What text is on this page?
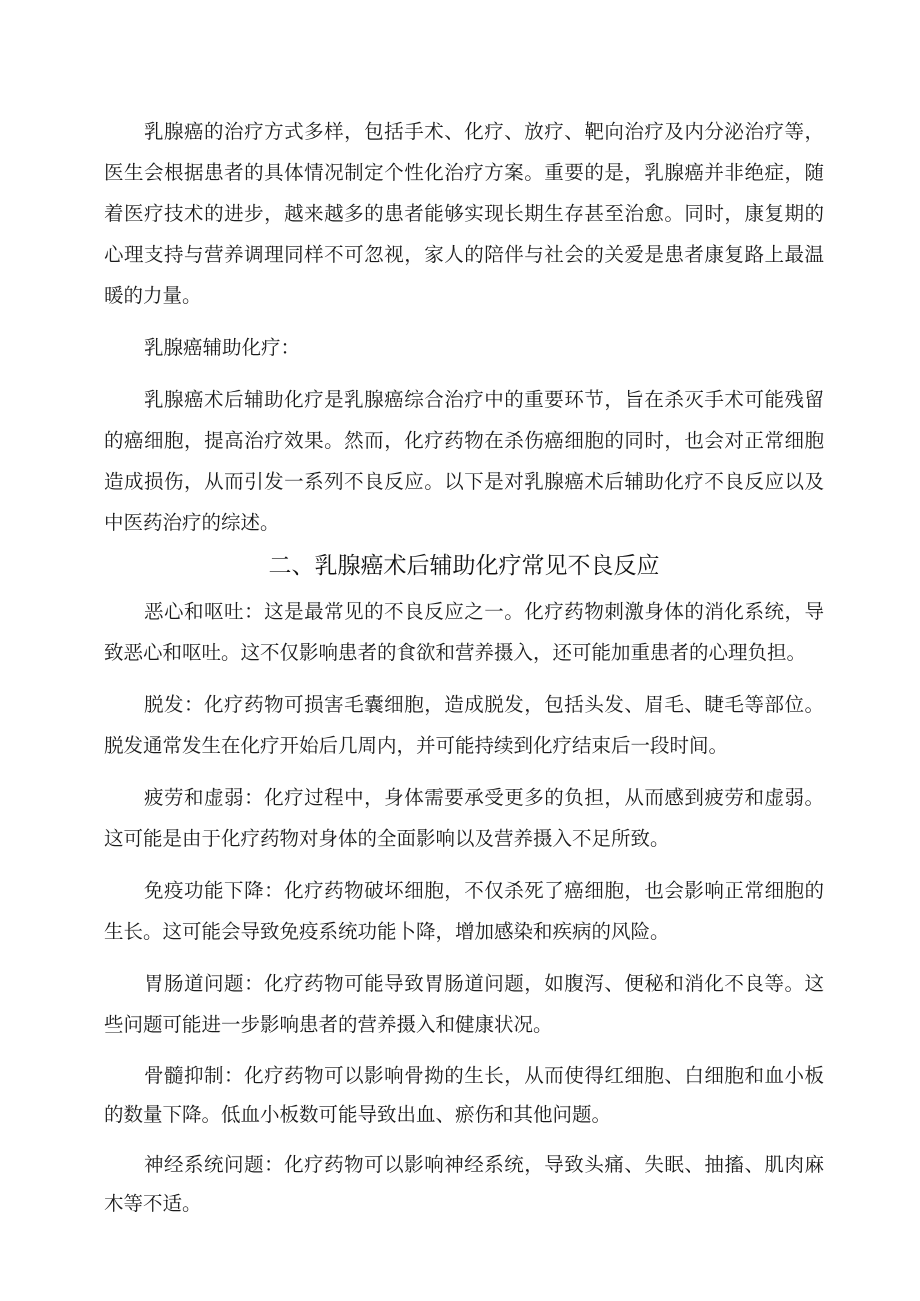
乳腺癌的治疗方式多样，包括手术、化疗、放疗、靶向治疗及内分泌治疗等，医生会根据患者的具体情况制定个性化治疗方案。重要的是，乳腺癌并非绝症，随着医疗技术的进步，越来越多的患者能够实现长期生存甚至治愈。同时，康复期的心理支持与营养调理同样不可忽视，家人的陪伴与社会的关爱是患者康复路上最温暖的力量。

乳腺癌辅助化疗：

乳腺癌术后辅助化疗是乳腺癌综合治疗中的重要环节，旨在杀灭手术可能残留的癌细胞，提高治疗效果。然而，化疗药物在杀伤癌细胞的同时，也会对正常细胞造成损伤，从而引发一系列不良反应。以下是对乳腺癌术后辅助化疗不良反应以及中医药治疗的综述。

二、乳腺癌术后辅助化疗常见不良反应

恶心和呕吐：这是最常见的不良反应之一。化疗药物刺激身体的消化系统，导致恶心和呕吐。这不仅影响患者的食欲和营养摄入，还可能加重患者的心理负担。

脱发：化疗药物可损害毛囊细胞，造成脱发，包括头发、眉毛、睫毛等部位。脱发通常发生在化疗开始后几周内，并可能持续到化疗结束后一段时间。

疲劳和虚弱：化疗过程中，身体需要承受更多的负担，从而感到疲劳和虚弱。这可能是由于化疗药物对身体的全面影响以及营养摄入不足所致。

免疫功能下降：化疗药物破坏细胞，不仅杀死了癌细胞，也会影响正常细胞的生长。这可能会导致免疫系统功能卜降，增加感染和疾病的风险。

胃肠道问题：化疗药物可能导致胃肠道问题，如腹泻、便秘和消化不良等。这些问题可能进一步影响患者的营养摄入和健康状况。

骨髓抑制：化疗药物可以影响骨拗的生长，从而使得红细胞、白细胞和血小板的数量下降。低血小板数可能导致出血、瘀伤和其他问题。

神经系统问题：化疗药物可以影响神经系统，导致头痛、失眠、抽搐、肌肉麻木等不适。
